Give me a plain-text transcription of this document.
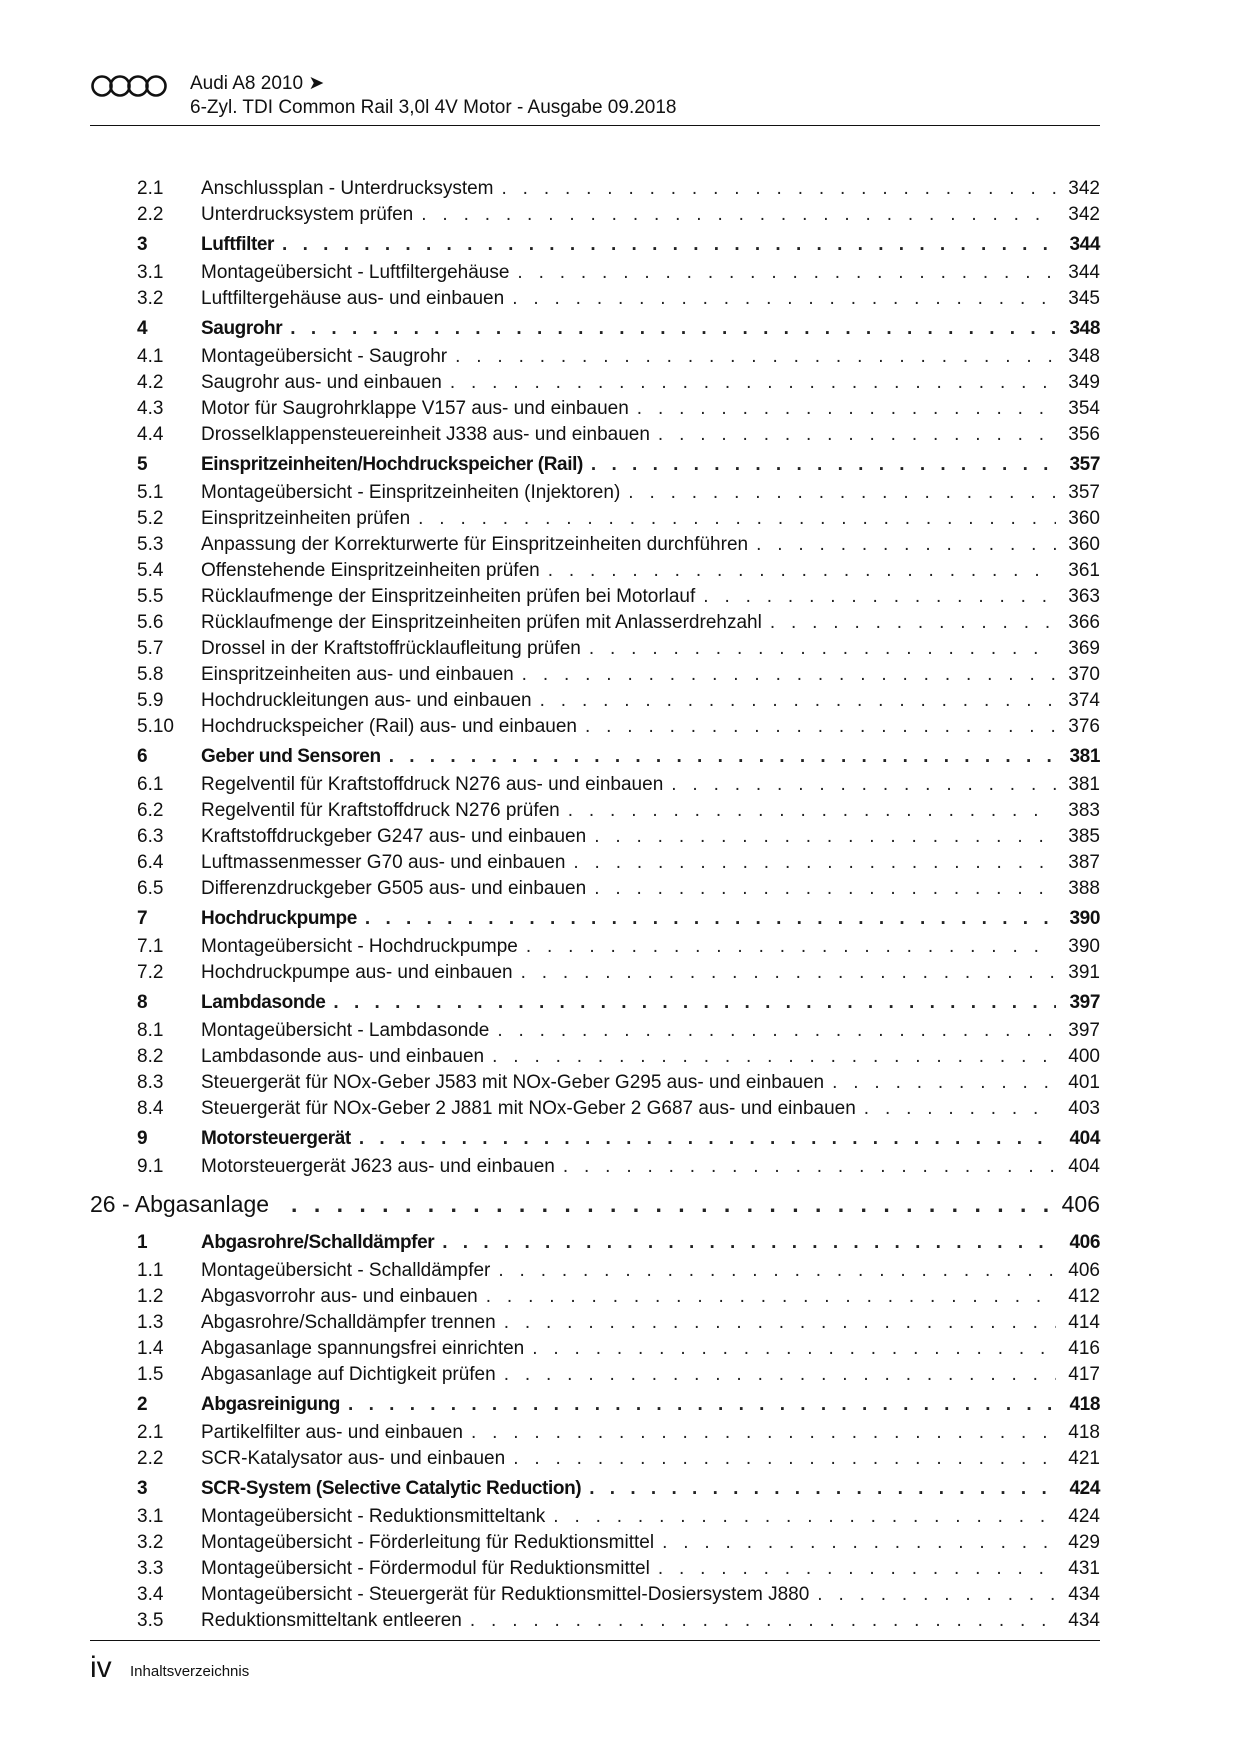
Audi A8 2010 ➤
6-Zyl. TDI Common Rail 3,0l 4V Motor - Ausgabe 09.2018
2.1	Anschlussplan - Unterdrucksystem . . .	342
2.2	Unterdrucksystem prüfen . . .	342
3	Luftfilter . . .	344
3.1	Montageübersicht - Luftfiltergehäuse . . .	344
3.2	Luftfiltergehäuse aus- und einbauen . . .	345
4	Saugrohr . . .	348
4.1	Montageübersicht - Saugrohr . . .	348
4.2	Saugrohr aus- und einbauen . . .	349
4.3	Motor für Saugrohrklappe V157 aus- und einbauen . . .	354
4.4	Drosselklappensteuereinheit J338 aus- und einbauen . . .	356
5	Einspritzeinheiten/Hochdruckspeicher (Rail) . . .	357
5.1	Montageübersicht - Einspritzeinheiten (Injektoren) . . .	357
5.2	Einspritzeinheiten prüfen . . .	360
5.3	Anpassung der Korrekturwerte für Einspritzeinheiten durchführen . . .	360
5.4	Offenstehende Einspritzeinheiten prüfen . . .	361
5.5	Rücklaufmenge der Einspritzeinheiten prüfen bei Motorlauf . . .	363
5.6	Rücklaufmenge der Einspritzeinheiten prüfen mit Anlasserdrehzahl . . .	366
5.7	Drossel in der Kraftstoffrücklaufleitung prüfen . . .	369
5.8	Einspritzeinheiten aus- und einbauen . . .	370
5.9	Hochdruckleitungen aus- und einbauen . . .	374
5.10	Hochdruckspeicher (Rail) aus- und einbauen . . .	376
6	Geber und Sensoren . . .	381
6.1	Regelventil für Kraftstoffdruck N276 aus- und einbauen . . .	381
6.2	Regelventil für Kraftstoffdruck N276 prüfen . . .	383
6.3	Kraftstoffdruckgeber G247 aus- und einbauen . . .	385
6.4	Luftmassenmesser G70 aus- und einbauen . . .	387
6.5	Differenzdruckgeber G505 aus- und einbauen . . .	388
7	Hochdruckpumpe . . .	390
7.1	Montageübersicht - Hochdruckpumpe . . .	390
7.2	Hochdruckpumpe aus- und einbauen . . .	391
8	Lambdasonde . . .	397
8.1	Montageübersicht - Lambdasonde . . .	397
8.2	Lambdasonde aus- und einbauen . . .	400
8.3	Steuergerät für NOx-Geber J583 mit NOx-Geber G295 aus- und einbauen . . .	401
8.4	Steuergerät für NOx-Geber 2 J881 mit NOx-Geber 2 G687 aus- und einbauen . . .	403
9	Motorsteuergerät . . .	404
9.1	Motorsteuergerät J623 aus- und einbauen . . .	404
26 - Abgasanlage . . .	406
1	Abgasrohre/Schalldämpfer . . .	406
1.1	Montageübersicht - Schalldämpfer . . .	406
1.2	Abgasvorrohr aus- und einbauen . . .	412
1.3	Abgasrohre/Schalldämpfer trennen . . .	414
1.4	Abgasanlage spannungsfrei einrichten . . .	416
1.5	Abgasanlage auf Dichtigkeit prüfen . . .	417
2	Abgasreinigung . . .	418
2.1	Partikelfilter aus- und einbauen . . .	418
2.2	SCR-Katalysator aus- und einbauen . . .	421
3	SCR-System (Selective Catalytic Reduction) . . .	424
3.1	Montageübersicht - Reduktionsmitteltank . . .	424
3.2	Montageübersicht - Förderleitung für Reduktionsmittel . . .	429
3.3	Montageübersicht - Fördermodul für Reduktionsmittel . . .	431
3.4	Montageübersicht - Steuergerät für Reduktionsmittel-Dosiersystem J880 . . .	434
3.5	Reduktionsmitteltank entleeren . . .	434
iv Inhaltsverzeichnis
